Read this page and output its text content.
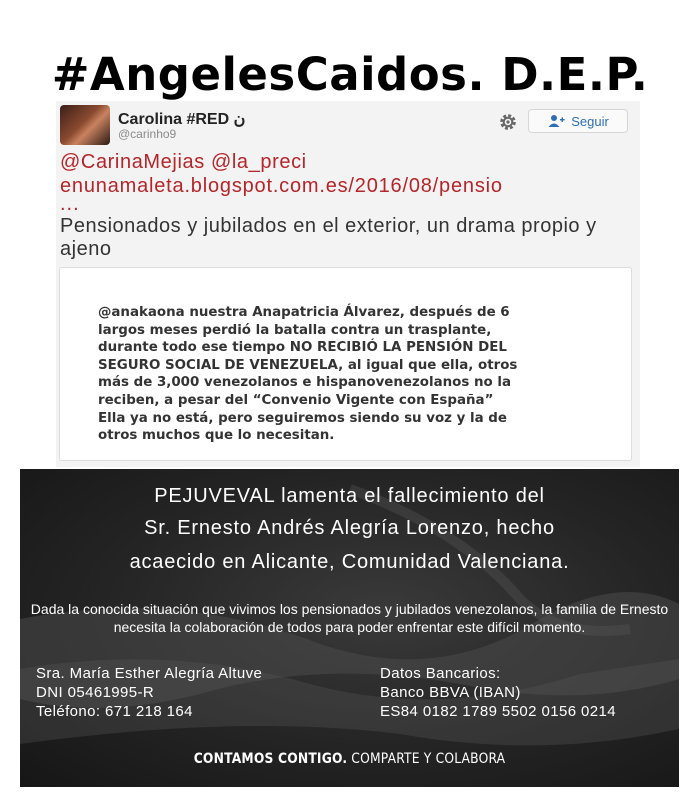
#AngelesCaidos. D.E.P.
Carolina #RED ن
@carinho9
Seguir
@CarinaMejias @la_preci
enunamaleta.blogspot.com.es/2016/08/pensio
...
Pensionados y jubilados en el exterior, un drama propio y ajeno
@anakaona nuestra Anapatricia Álvarez, después de 6
largos meses perdió la batalla contra un trasplante,
durante todo ese tiempo NO RECIBIÓ LA PENSIÓN DEL
SEGURO SOCIAL DE VENEZUELA, al igual que ella, otros
más de 3,000 venezolanos e hispanovenezolanos no la
reciben, a pesar del “Convenio Vigente con España”
Ella ya no está, pero seguiremos siendo su voz y la de
otros muchos que lo necesitan.
PEJUVEVAL lamenta el fallecimiento del
Sr. Ernesto Andrés Alegría Lorenzo, hecho
acaecido en Alicante, Comunidad Valenciana.
Dada la conocida situación que vivimos los pensionados y jubilados venezolanos, la familia de Ernesto necesita la colaboración de todos para poder enfrentar este difícil momento.
Sra. María Esther Alegría Altuve
DNI 05461995-R
Teléfono: 671 218 164
Datos Bancarios:
Banco BBVA (IBAN)
ES84 0182 1789 5502 0156 0214
CONTAMOS CONTIGO. COMPARTE Y COLABORA
